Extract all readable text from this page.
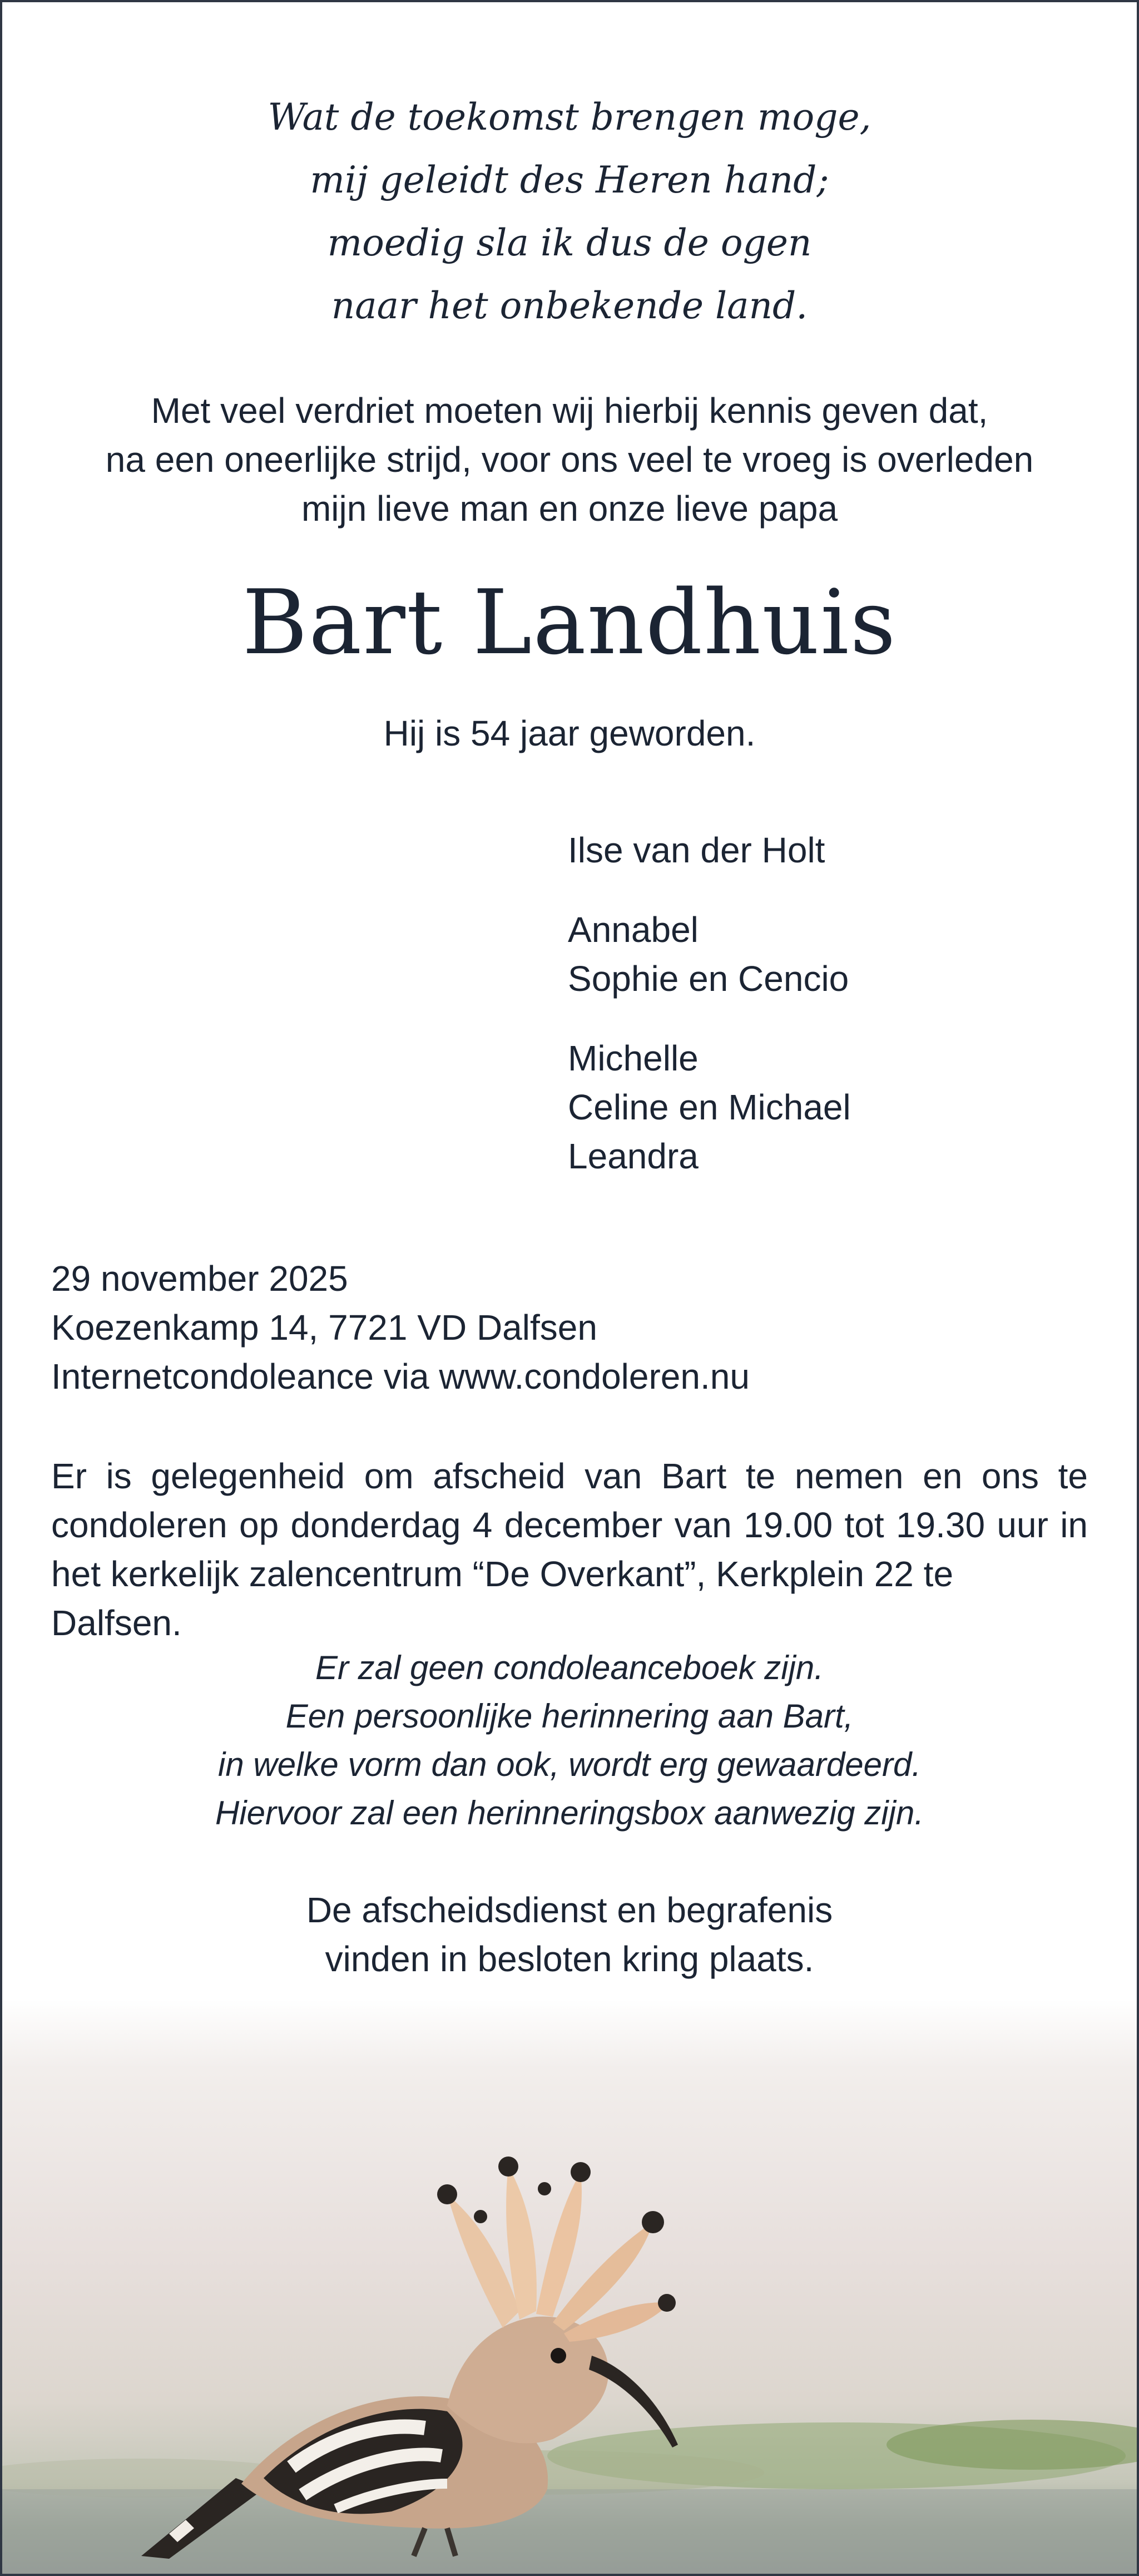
Wat de toekomst brengen moge,
mij geleidt des Heren hand;
moedig sla ik dus de ogen
naar het onbekende land.
Met veel verdriet moeten wij hierbij kennis geven dat,
na een oneerlijke strijd, voor ons veel te vroeg is overleden
mijn lieve man en onze lieve papa
Bart Landhuis
Hij is 54 jaar geworden.
Ilse van der Holt
Annabel
Sophie en Cencio
Michelle
Celine en Michael
Leandra
29 november 2025
Koezenkamp 14, 7721 VD Dalfsen
Internetcondoleance via www.condoleren.nu
Er is gelegenheid om afscheid van Bart te nemen en ons te
condoleren op donderdag 4 december van 19.00 tot 19.30 uur in
het kerkelijk zalencentrum “De Overkant”, Kerkplein 22 te Dalfsen.
Er zal geen condoleanceboek zijn.
Een persoonlijke herinnering aan Bart,
in welke vorm dan ook, wordt erg gewaardeerd.
Hiervoor zal een herinneringsbox aanwezig zijn.
De afscheidsdienst en begrafenis
vinden in besloten kring plaats.
